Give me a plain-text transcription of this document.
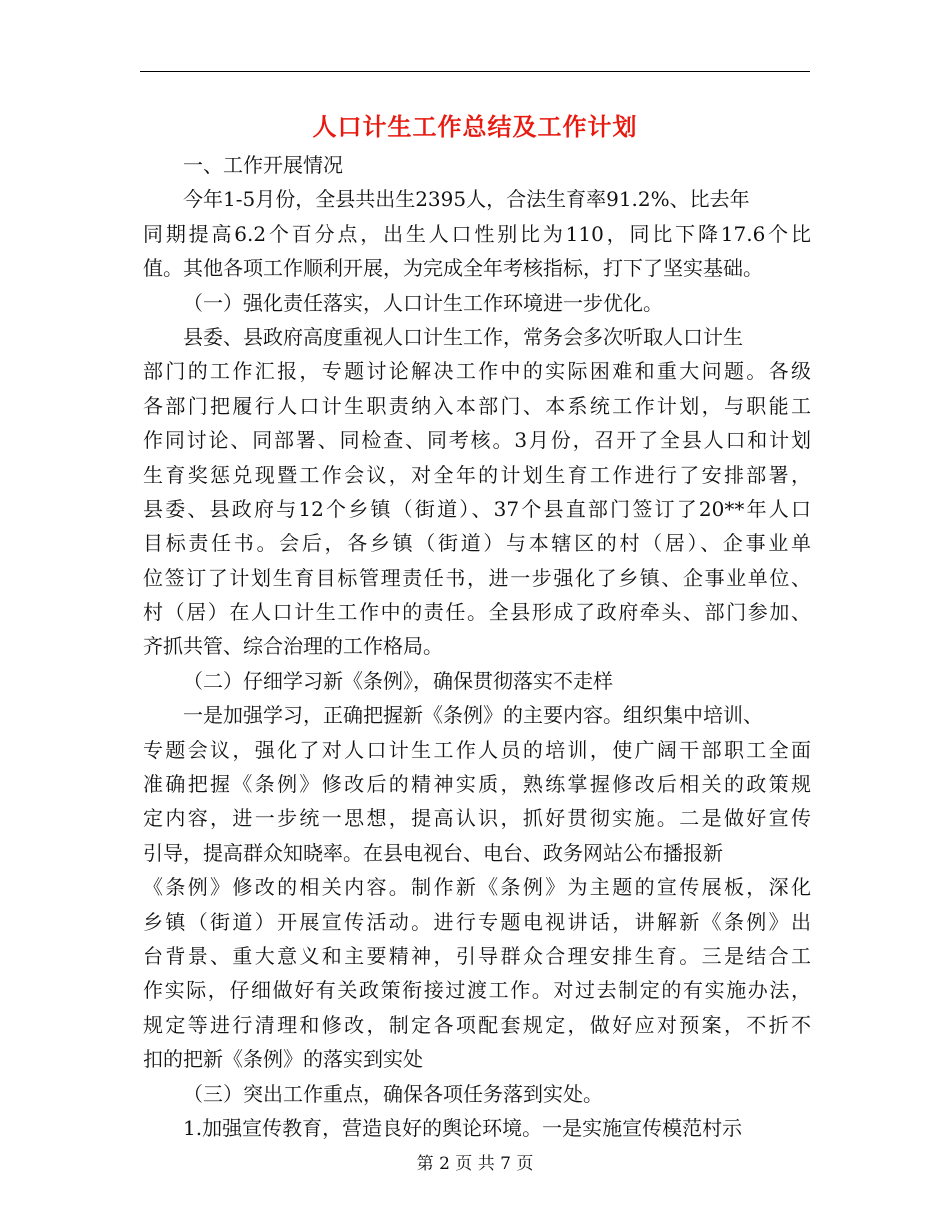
人口计生工作总结及工作计划
一、工作开展情况
今年1-5月份，全县共出生2395人，合法生育率91.2%、比去年
同期提高6.2个百分点，出生人口性别比为110，同比下降17.6个比
值。其他各项工作顺利开展，为完成全年考核指标，打下了坚实基础。
（一）强化责任落实，人口计生工作环境进一步优化。
县委、县政府高度重视人口计生工作，常务会多次听取人口计生
部门的工作汇报，专题讨论解决工作中的实际困难和重大问题。各级
各部门把履行人口计生职责纳入本部门、本系统工作计划，与职能工
作同讨论、同部署、同检查、同考核。3月份，召开了全县人口和计划
生育奖惩兑现暨工作会议，对全年的计划生育工作进行了安排部署，
县委、县政府与12个乡镇（街道）、37个县直部门签订了20**年人口
目标责任书。会后，各乡镇（街道）与本辖区的村（居）、企事业单
位签订了计划生育目标管理责任书，进一步强化了乡镇、企事业单位、
村（居）在人口计生工作中的责任。全县形成了政府牵头、部门参加、
齐抓共管、综合治理的工作格局。
（二）仔细学习新《条例》，确保贯彻落实不走样
一是加强学习，正确把握新《条例》的主要内容。组织集中培训、
专题会议，强化了对人口计生工作人员的培训，使广阔干部职工全面
准确把握《条例》修改后的精神实质，熟练掌握修改后相关的政策规
定内容，进一步统一思想，提高认识，抓好贯彻实施。二是做好宣传
引导，提高群众知晓率。在县电视台、电台、政务网站公布播报新
《条例》修改的相关内容。制作新《条例》为主题的宣传展板，深化
乡镇（街道）开展宣传活动。进行专题电视讲话，讲解新《条例》出
台背景、重大意义和主要精神，引导群众合理安排生育。三是结合工
作实际，仔细做好有关政策衔接过渡工作。对过去制定的有实施办法，
规定等进行清理和修改，制定各项配套规定，做好应对预案，不折不
扣的把新《条例》的落实到实处
（三）突出工作重点，确保各项任务落到实处。
1.加强宣传教育，营造良好的舆论环境。一是实施宣传模范村示
第 2 页 共 7 页
